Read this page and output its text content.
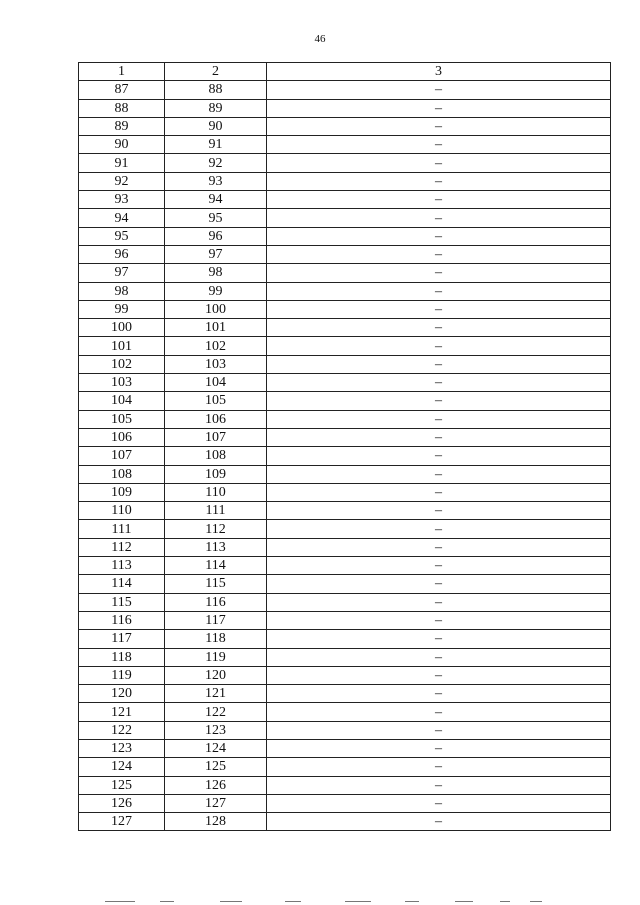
46
1	2	3
87	88	–
88	89	–
89	90	–
90	91	–
91	92	–
92	93	–
93	94	–
94	95	–
95	96	–
96	97	–
97	98	–
98	99	–
99	100	–
100	101	–
101	102	–
102	103	–
103	104	–
104	105	–
105	106	–
106	107	–
107	108	–
108	109	–
109	110	–
110	111	–
111	112	–
112	113	–
113	114	–
114	115	–
115	116	–
116	117	–
117	118	–
118	119	–
119	120	–
120	121	–
121	122	–
122	123	–
123	124	–
124	125	–
125	126	–
126	127	–
127	128	–
